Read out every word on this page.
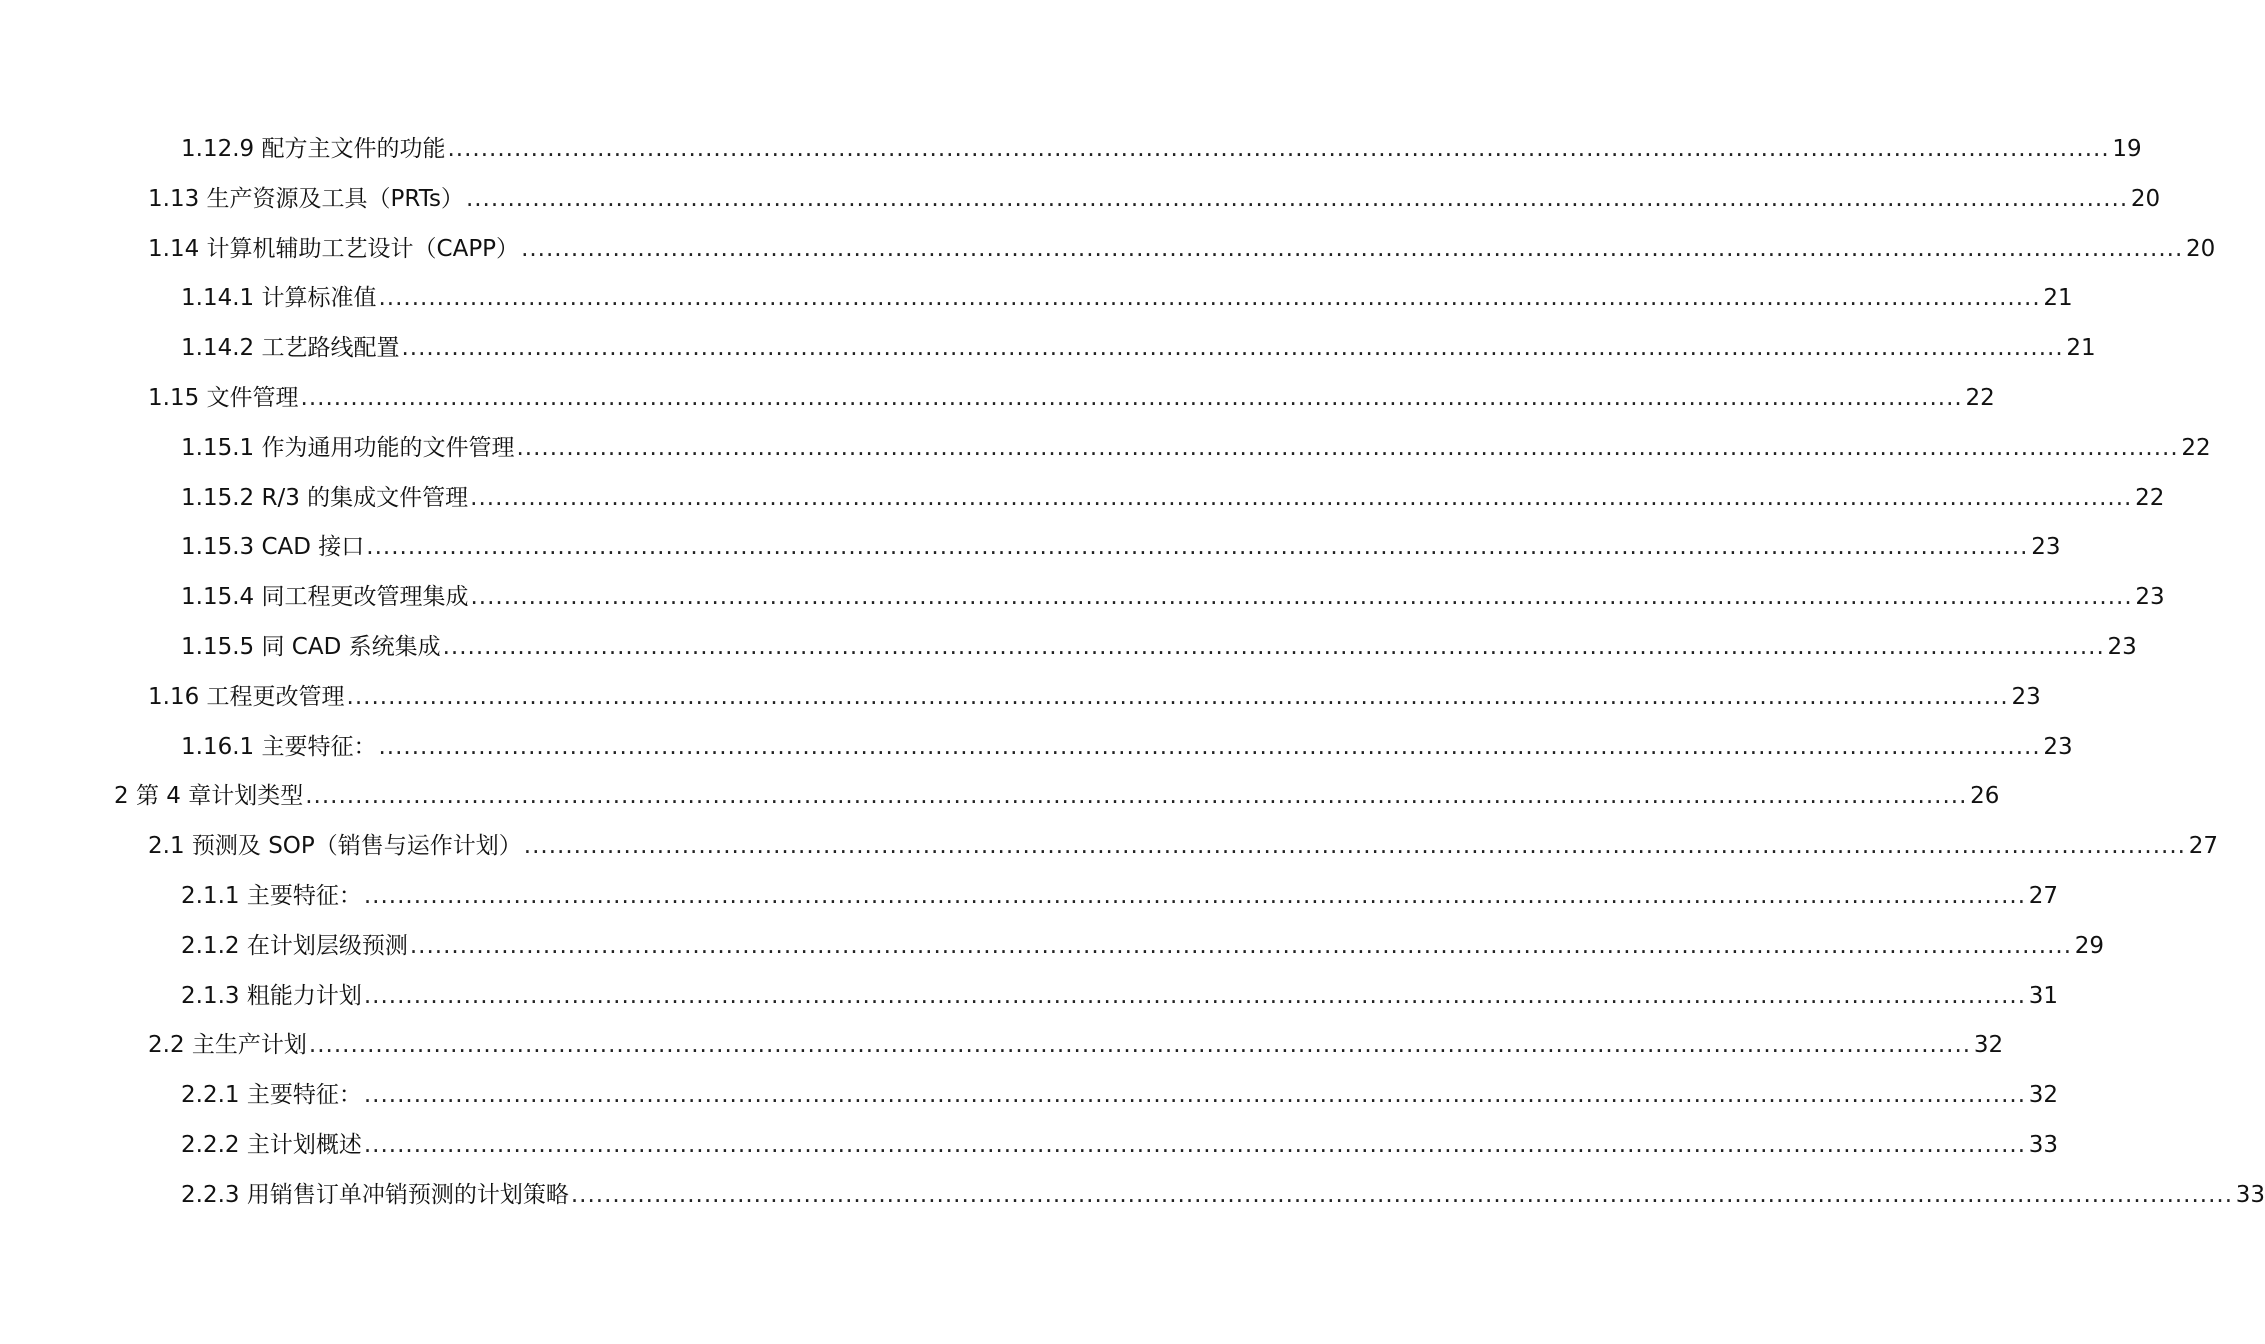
1.12.9 配方主文件的功能 ........................................................................................................................................................................................................ 19
1.13 生产资源及工具（PRTs） ........................................................................................................................................................................................................ 20
1.14 计算机辅助工艺设计（CAPP） ........................................................................................................................................................................................................ 20
1.14.1 计算标准值 ........................................................................................................................................................................................................ 21
1.14.2 工艺路线配置 ........................................................................................................................................................................................................ 21
1.15 文件管理 ........................................................................................................................................................................................................ 22
1.15.1 作为通用功能的文件管理 ........................................................................................................................................................................................................ 22
1.15.2 R/3 的集成文件管理 ........................................................................................................................................................................................................ 22
1.15.3 CAD 接口 ........................................................................................................................................................................................................ 23
1.15.4 同工程更改管理集成 ........................................................................................................................................................................................................ 23
1.15.5 同 CAD 系统集成 ........................................................................................................................................................................................................ 23
1.16 工程更改管理 ........................................................................................................................................................................................................ 23
1.16.1 主要特征： ........................................................................................................................................................................................................ 23
2 第 4 章计划类型 ........................................................................................................................................................................................................ 26
2.1 预测及 SOP（销售与运作计划） ........................................................................................................................................................................................................ 27
2.1.1 主要特征： ........................................................................................................................................................................................................ 27
2.1.2 在计划层级预测 ........................................................................................................................................................................................................ 29
2.1.3 粗能力计划 ........................................................................................................................................................................................................ 31
2.2 主生产计划 ........................................................................................................................................................................................................ 32
2.2.1 主要特征： ........................................................................................................................................................................................................ 32
2.2.2 主计划概述 ........................................................................................................................................................................................................ 33
2.2.3 用销售订单冲销预测的计划策略 ........................................................................................................................................................................................................ 33
